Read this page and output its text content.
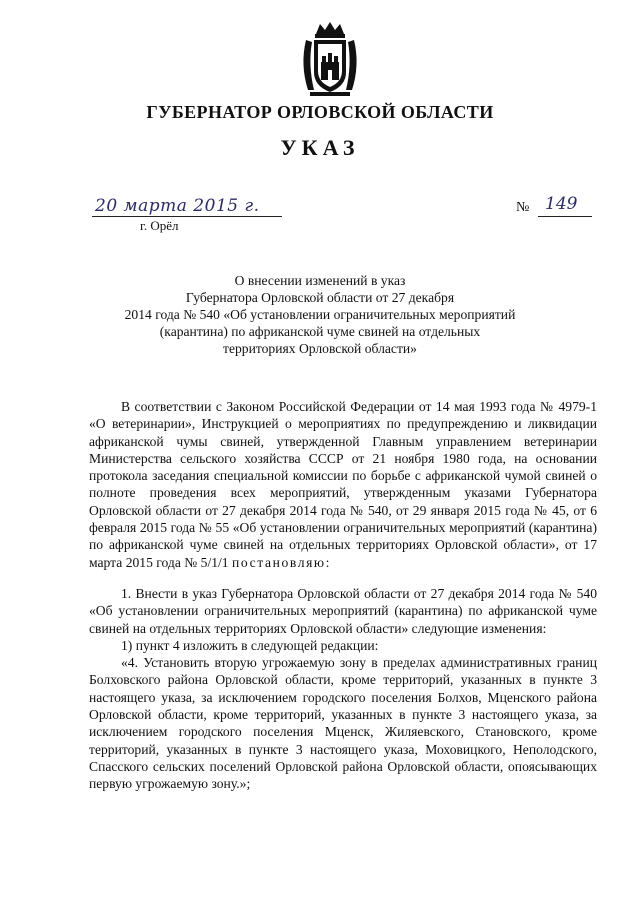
ГУБЕРНАТОР ОРЛОВСКОЙ ОБЛАСТИ
УКАЗ
20 марта 2015 г.
г. Орёл
№ 149
О внесении изменений в указ
Губернатора Орловской области от 27 декабря
2014 года № 540 «Об установлении ограничительных мероприятий
(карантина) по африканской чуме свиней на отдельных
территориях Орловской области»

В соответствии с Законом Российской Федерации от 14 мая 1993 года № 4979-1 «О ветеринарии», Инструкцией о мероприятиях по предупреждению и ликвидации африканской чумы свиней, утвержденной Главным управлением ветеринарии Министерства сельского хозяйства СССР от 21 ноября 1980 года, на основании протокола заседания специальной комиссии по борьбе с африканской чумой свиней о полноте проведения всех мероприятий, утвержденным указами Губернатора Орловской области от 27 декабря 2014 года № 540, от 29 января 2015 года № 45, от 6 февраля 2015 года № 55 «Об установлении ограничительных мероприятий (карантина) по африканской чуме свиней на отдельных территориях Орловской области», от 17 марта 2015 года № 5/1/1 постановляю:

1. Внести в указ Губернатора Орловской области от 27 декабря 2014 года № 540 «Об установлении ограничительных мероприятий (карантина) по африканской чуме свиней на отдельных территориях Орловской области» следующие изменения:

1) пункт 4 изложить в следующей редакции:

«4. Установить вторую угрожаемую зону в пределах административных границ Болховского района Орловской области, кроме территорий, указанных в пункте 3 настоящего указа, за исключением городского поселения Болхов, Мценского района Орловской области, кроме территорий, указанных в пункте 3 настоящего указа, за исключением городского поселения Мценск, Жиляевского, Становского, кроме территорий, указанных в пункте 3 настоящего указа, Моховицкого, Неполодского, Спасского сельских поселений Орловской района Орловской области, опоясывающих первую угрожаемую зону.»;
